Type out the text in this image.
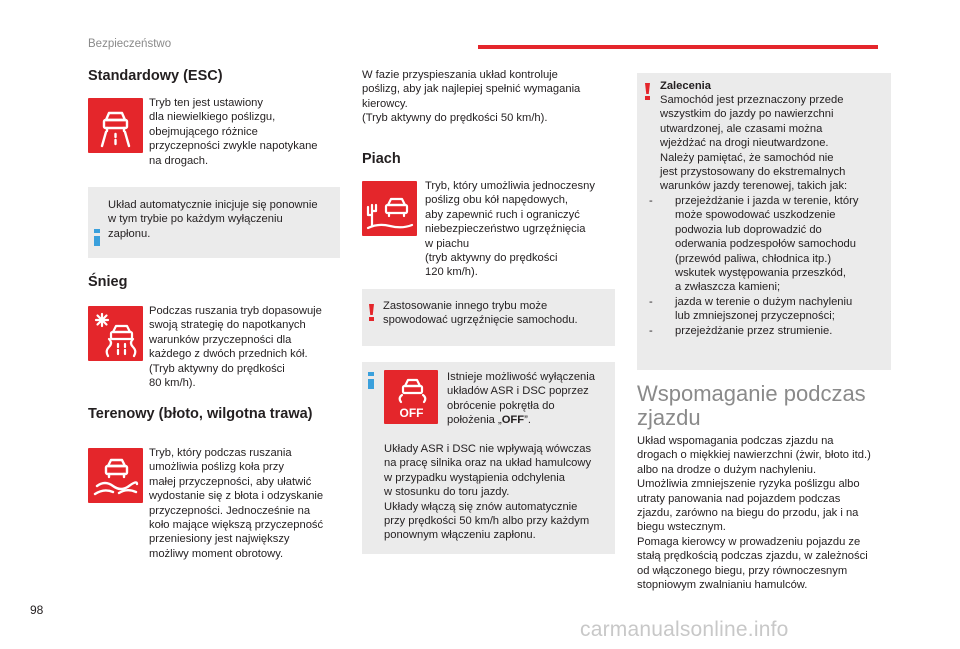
Bezpieczeństwo
Standardowy (ESC)

Tryb ten jest ustawiony
dla niewielkiego poślizgu,
obejmującego różnice
przyczepności zwykle napotykane
na drogach.

Układ automatycznie inicjuje się ponownie
w tym trybie po każdym wyłączeniu
zapłonu.

Śnieg

Podczas ruszania tryb dopasowuje
swoją strategię do napotkanych
warunków przyczepności dla
każdego z dwóch przednich kół.
(Tryb aktywny do prędkości
80 km/h).

Terenowy (błoto, wilgotna trawa)

Tryb, który podczas ruszania
umożliwia poślizg koła przy
małej przyczepności, aby ułatwić
wydostanie się z błota i odzyskanie
przyczepności. Jednocześnie na
koło mające większą przyczepność
przeniesiony jest największy
możliwy moment obrotowy.

W fazie przyspieszania układ kontroluje
poślizg, aby jak najlepiej spełnić wymagania
kierowcy.
(Tryb aktywny do prędkości 50 km/h).

Piach

Tryb, który umożliwia jednoczesny
poślizg obu kół napędowych,
aby zapewnić ruch i ograniczyć
niebezpieczeństwo ugrzęźnięcia
w piachu
(tryb aktywny do prędkości
120 km/h).

Zastosowanie innego trybu może
spowodować ugrzęźnięcie samochodu.

OFF

Istnieje możliwość wyłączenia
układów ASR i DSC poprzez
obrócenie pokrętła do
położenia „OFF”.

Układy ASR i DSC nie wpływają wówczas
na pracę silnika oraz na układ hamulcowy
w przypadku wystąpienia odchylenia
w stosunku do toru jazdy.
Układy włączą się znów automatycznie
przy prędkości 50 km/h albo przy każdym
ponownym włączeniu zapłonu.

Zalecenia

Samochód jest przeznaczony przede
wszystkim do jazdy po nawierzchni
utwardzonej, ale czasami można
wjeżdżać na drogi nieutwardzone.
Należy pamiętać, że samochód nie
jest przystosowany do ekstremalnych
warunków jazdy terenowej, takich jak:

- przejeżdżanie i jazda w terenie, który
może spowodować uszkodzenie
podwozia lub doprowadzić do
oderwania podzespołów samochodu
(przewód paliwa, chłodnica itp.)
wskutek występowania przeszkód,
a zwłaszcza kamieni;
- jazda w terenie o dużym nachyleniu
lub zmniejszonej przyczepności;
- przejeżdżanie przez strumienie.
Wspomaganie podczas
zjazdu

Układ wspomagania podczas zjazdu na
drogach o miękkiej nawierzchni (żwir, błoto itd.)
albo na drodze o dużym nachyleniu.
Umożliwia zmniejszenie ryzyka poślizgu albo
utraty panowania nad pojazdem podczas
zjazdu, zarówno na biegu do przodu, jak i na
biegu wstecznym.
Pomaga kierowcy w prowadzeniu pojazdu ze
stałą prędkością podczas zjazdu, w zależności
od włączonego biegu, przy równoczesnym
stopniowym zwalnianiu hamulców.

98
carmanualsonline.info
